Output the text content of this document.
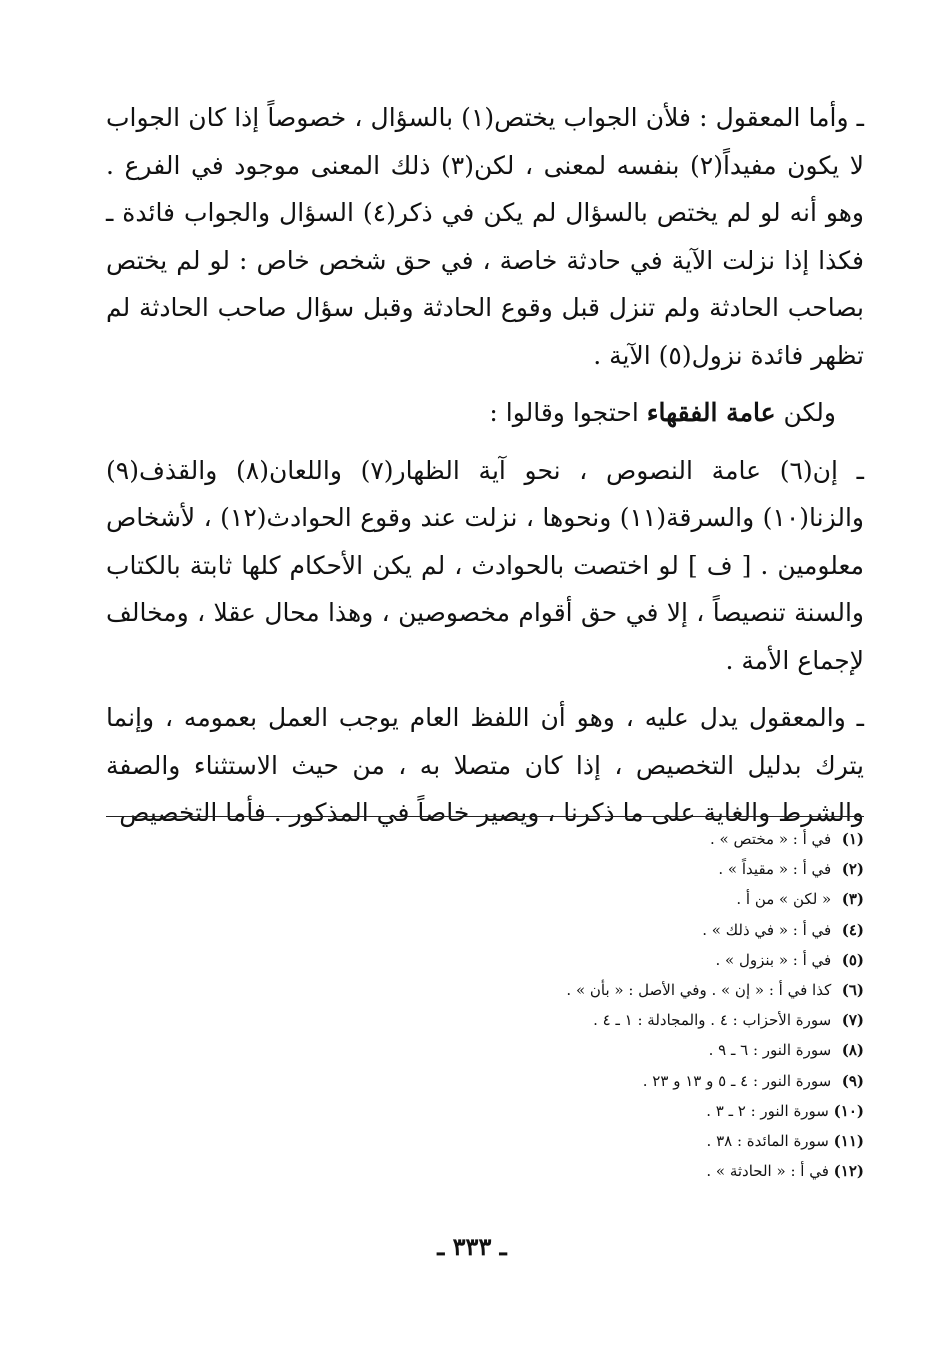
ـ وأما المعقول : فلأن الجواب يختص(١) بالسؤال ، خصوصاً إذا كان الجواب لا يكون مفيداً(٢) بنفسه لمعنى ، لكن(٣) ذلك المعنى موجود في الفرع . وهو أنه لو لم يختص بالسؤال لم يكن في ذكر(٤) السؤال والجواب فائدة ـ فكذا إذا نزلت الآية في حادثة خاصة ، في حق شخص خاص : لو لم يختص بصاحب الحادثة ولم تنزل قبل وقوع الحادثة وقبل سؤال صاحب الحادثة لم تظهر فائدة نزول(٥) الآية .

ولكن عامة الفقهاء احتجوا وقالوا :

ـ إن(٦) عامة النصوص ، نحو آية الظهار(٧) واللعان(٨) والقذف(٩) والزنا(١٠) والسرقة(١١) ونحوها ، نزلت عند وقوع الحوادث(١٢) ، لأشخاص معلومين . [ ف ] لو اختصت بالحوادث ، لم يكن الأحكام كلها ثابتة بالكتاب والسنة تنصيصاً ، إلا في حق أقوام مخصوصين ، وهذا محال عقلا ، ومخالف لإجماع الأمة .

ـ والمعقول يدل عليه ، وهو أن اللفظ العام يوجب العمل بعمومه ، وإنما يترك بدليل التخصيص ، إذا كان متصلا به ، من حيث الاستثناء والصفة والشرط والغاية على ما ذكرنا ، ويصير خاصاً في المذكور . فأما التخصيص

(١) في أ : « مختص » .
(٢) في أ : « مقيداً » .
(٣) « لكن » من أ .
(٤) في أ : « في ذلك » .
(٥) في أ : « بنزول » .
(٦) كذا في أ : « إن » . وفي الأصل : « بأن » .
(٧) سورة الأحزاب : ٤ . والمجادلة : ١ ـ ٤ .
(٨) سورة النور : ٦ ـ ٩ .
(٩) سورة النور : ٤ ـ ٥ و ١٣ و ٢٣ .
(١٠) سورة النور : ٢ ـ ٣ .
(١١) سورة المائدة : ٣٨ .
(١٢) في أ : « الحادثة » .
ـ ٣٣٣ ـ
